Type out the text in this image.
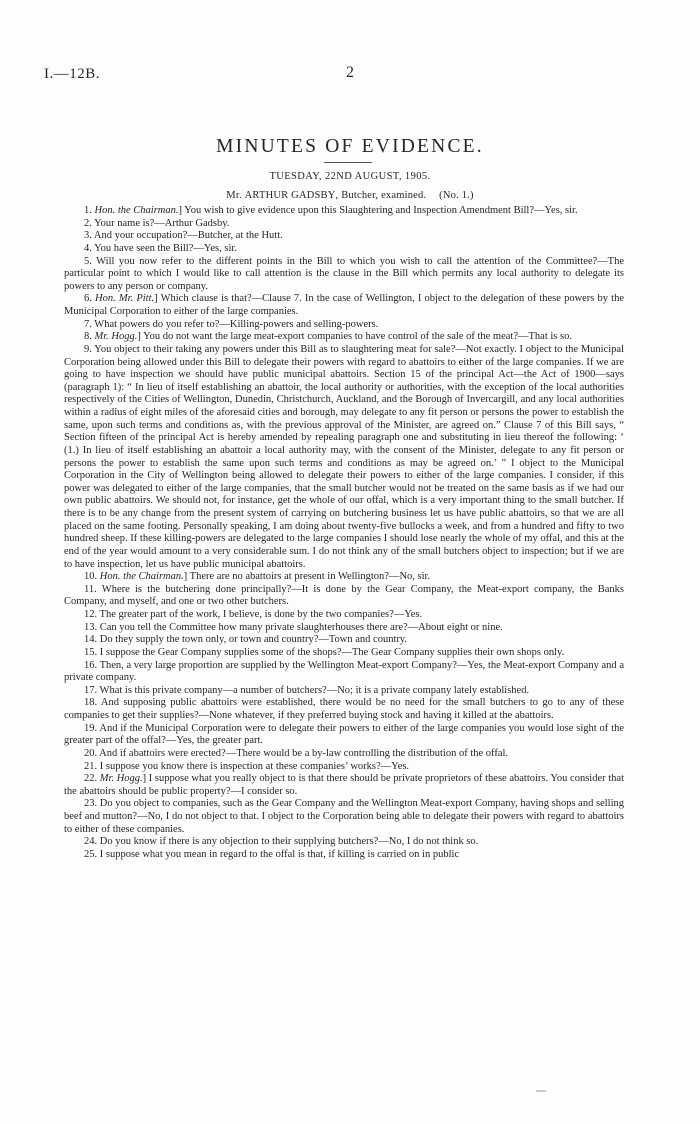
I.—12B.	2
MINUTES OF EVIDENCE.
TUESDAY, 22ND AUGUST, 1905.
Mr. ARTHUR GADSBY, Butcher, examined. (No. 1.)

1. Hon. the Chairman.] You wish to give evidence upon this Slaughtering and Inspection Amendment Bill?—Yes, sir.

2. Your name is?—Arthur Gadsby.

3. And your occupation?—Butcher, at the Hutt.

4. You have seen the Bill?—Yes, sir.

5. Will you now refer to the different points in the Bill to which you wish to call the attention of the Committee?—The particular point to which I would like to call attention is the clause in the Bill which permits any local authority to delegate its powers to any person or company.

6. Hon. Mr. Pitt.] Which clause is that?—Clause 7. In the case of Wellington, I object to the delegation of these powers by the Municipal Corporation to either of the large companies.

7. What powers do you refer to?—Killing-powers and selling-powers.

8. Mr. Hogg.] You do not want the large meat-export companies to have control of the sale of the meat?—That is so.

9. You object to their taking any powers under this Bill as to slaughtering meat for sale?—Not exactly. I object to the Municipal Corporation being allowed under this Bill to delegate their powers with regard to abattoirs to either of the large companies. If we are going to have inspection we should have public municipal abattoirs. Section 15 of the principal Act—the Act of 1900—says (paragraph 1): “ In lieu of itself establishing an abattoir, the local authority or authorities, with the exception of the local authorities respectively of the Cities of Wellington, Dunedin, Christchurch, Auckland, and the Borough of Invercargill, and any local authorities within a radius of eight miles of the aforesaid cities and borough, may delegate to any fit person or persons the power to establish the same, upon such terms and conditions as, with the previous approval of the Minister, are agreed on.” Clause 7 of this Bill says, “ Section fifteen of the principal Act is hereby amended by repealing paragraph one and substituting in lieu thereof the following: ‘ (1.) In lieu of itself establishing an abattoir a local authority may, with the consent of the Minister, delegate to any fit person or persons the power to establish the same upon such terms and conditions as may be agreed on.’ ” I object to the Municipal Corporation in the City of Wellington being allowed to delegate their powers to either of the large companies. I consider, if this power was delegated to either of the large companies, that the small butcher would not be treated on the same basis as if we had our own public abattoirs. We should not, for instance, get the whole of our offal, which is a very important thing to the small butcher. If there is to be any change from the present system of carrying on butchering business let us have public abattoirs, so that we are all placed on the same footing. Personally speaking, I am doing about twenty-five bullocks a week, and from a hundred and fifty to two hundred sheep. If these killing-powers are delegated to the large companies I should lose nearly the whole of my offal, and this at the end of the year would amount to a very considerable sum. I do not think any of the small butchers object to inspection; but if we are to have inspection, let us have public municipal abattoirs.

10. Hon. the Chairman.] There are no abattoirs at present in Wellington?—No, sir.

11. Where is the butchering done principally?—It is done by the Gear Company, the Meat-export company, the Banks Company, and myself, and one or two other butchers.

12. The greater part of the work, I believe, is done by the two companies?—Yes.

13. Can you tell the Committee how many private slaughterhouses there are?—About eight or nine.

14. Do they supply the town only, or town and country?—Town and country.

15. I suppose the Gear Company supplies some of the shops?—The Gear Company supplies their own shops only.

16. Then, a very large proportion are supplied by the Wellington Meat-export Company?—Yes, the Meat-export Company and a private company.

17. What is this private company—a number of butchers?—No; it is a private company lately established.

18. And supposing public abattoirs were established, there would be no need for the small butchers to go to any of these companies to get their supplies?—None whatever, if they preferred buying stock and having it killed at the abattoirs.

19. And if the Municipal Corporation were to delegate their powers to either of the large companies you would lose sight of the greater part of the offal?—Yes, the greater part.

20. And if abattoirs were erected?—There would be a by-law controlling the distribution of the offal.

21. I suppose you know there is inspection at these companies’ works?—Yes.

22. Mr. Hogg.] I suppose what you really object to is that there should be private proprietors of these abattoirs. You consider that the abattoirs should be public property?—I consider so.

23. Do you object to companies, such as the Gear Company and the Wellington Meat-export Company, having shops and selling beef and mutton?—No, I do not object to that. I object to the Corporation being able to delegate their powers with regard to abattoirs to either of these companies.

24. Do you know if there is any objection to their supplying butchers?—No, I do not think so.

25. I suppose what you mean in regard to the offal is that, if killing is carried on in public
